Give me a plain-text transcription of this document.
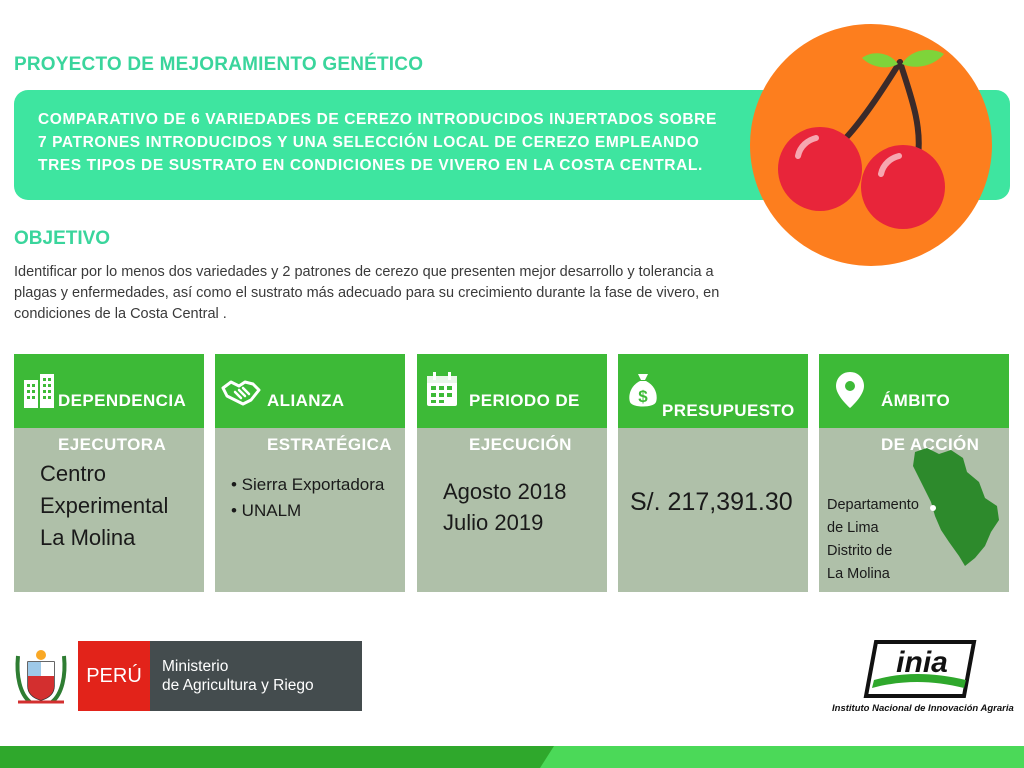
PROYECTO DE MEJORAMIENTO GENÉTICO
COMPARATIVO DE 6 VARIEDADES DE CEREZO INTRODUCIDOS INJERTADOS SOBRE
7 PATRONES INTRODUCIDOS Y UNA SELECCIÓN LOCAL DE CEREZO EMPLEANDO
TRES TIPOS DE SUSTRATO EN CONDICIONES DE VIVERO EN LA COSTA CENTRAL.
OBJETIVO
Identificar por lo menos dos variedades y 2 patrones de cerezo que presenten mejor desarrollo y tolerancia a
plagas y enfermedades, así como el sustrato más adecuado para su crecimiento durante la fase de vivero, en
condiciones de la Costa Central .

DEPENDENCIA

EJECUTORA

Centro
Experimental
La Molina

ALIANZA

ESTRATÉGICA

• Sierra Exportadora
• UNALM

PERIODO DE

EJECUCIÓN

Agosto 2018
Julio 2019
$

PRESUPUESTO

S/. 217,391.30

ÁMBITO

DE ACCIÓN

Departamento
de Lima
Distrito de
La Molina
PERÚ	Ministerio
de Agricultura y Riego
inia
Instituto Nacional de Innovación Agraria
